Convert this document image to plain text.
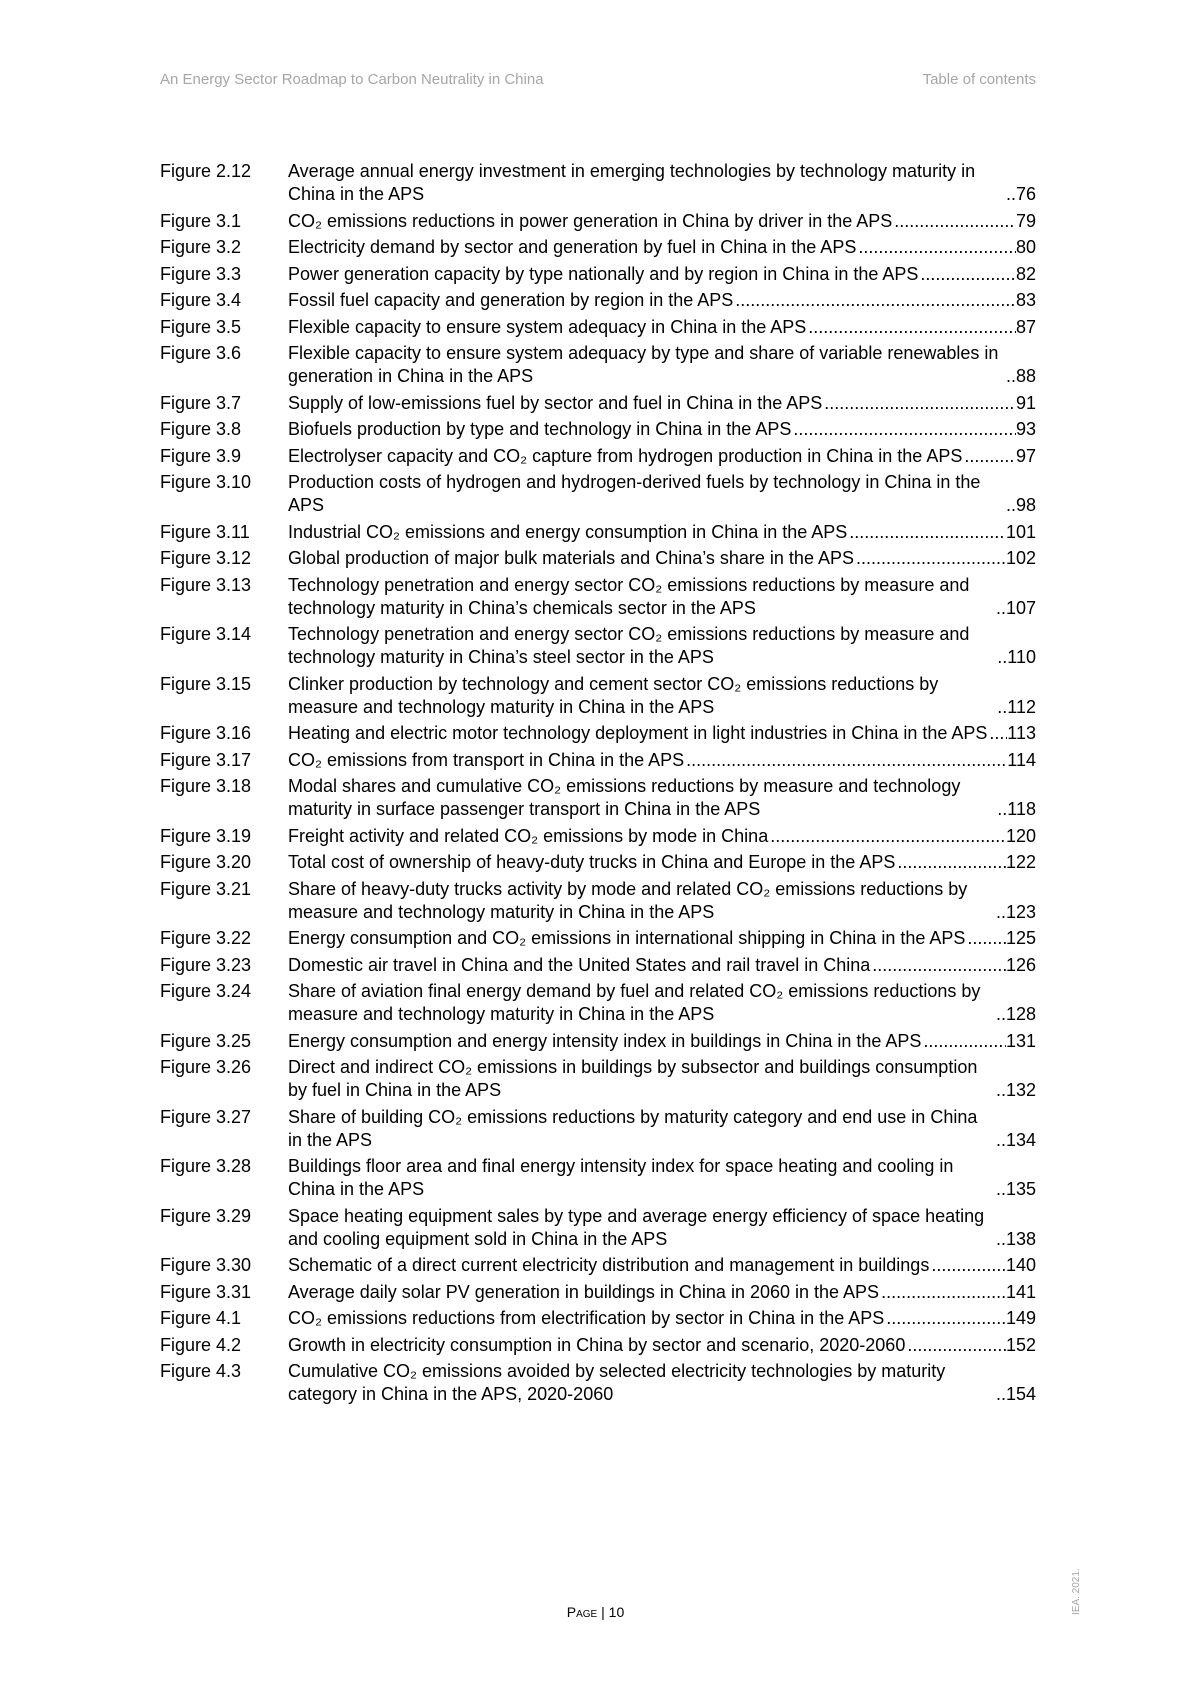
An Energy Sector Roadmap to Carbon Neutrality in China	Table of contents
Figure 2.12	Average annual energy investment in emerging technologies by technology maturity in China in the APS . . .	76
Figure 3.1	CO₂ emissions reductions in power generation in China by driver in the APS . . .	79
Figure 3.2	Electricity demand by sector and generation by fuel in China in the APS . . .	80
Figure 3.3	Power generation capacity by type nationally and by region in China in the APS . . .	82
Figure 3.4	Fossil fuel capacity and generation by region in the APS . . .	83
Figure 3.5	Flexible capacity to ensure system adequacy in China in the APS . . .	87
Figure 3.6	Flexible capacity to ensure system adequacy by type and share of variable renewables in generation in China in the APS . . .	88
Figure 3.7	Supply of low-emissions fuel by sector and fuel in China in the APS . . .	91
Figure 3.8	Biofuels production by type and technology in China in the APS . . .	93
Figure 3.9	Electrolyser capacity and CO₂ capture from hydrogen production in China in the APS . . .	97
Figure 3.10	Production costs of hydrogen and hydrogen-derived fuels by technology in China in the APS . . .	98
Figure 3.11	Industrial CO₂ emissions and energy consumption in China in the APS . . .	101
Figure 3.12	Global production of major bulk materials and China’s share in the APS . . .	102
Figure 3.13	Technology penetration and energy sector CO₂ emissions reductions by measure and technology maturity in China’s chemicals sector in the APS . . .	107
Figure 3.14	Technology penetration and energy sector CO₂ emissions reductions by measure and technology maturity in China’s steel sector in the APS . . .	110
Figure 3.15	Clinker production by technology and cement sector CO₂ emissions reductions by measure and technology maturity in China in the APS . . .	112
Figure 3.16	Heating and electric motor technology deployment in light industries in China in the APS . . . 113
Figure 3.17	CO₂ emissions from transport in China in the APS . . .	114
Figure 3.18	Modal shares and cumulative CO₂ emissions reductions by measure and technology maturity in surface passenger transport in China in the APS . . .	118
Figure 3.19	Freight activity and related CO₂ emissions by mode in China . . .	120
Figure 3.20	Total cost of ownership of heavy-duty trucks in China and Europe in the APS . . .	122
Figure 3.21	Share of heavy-duty trucks activity by mode and related CO₂ emissions reductions by measure and technology maturity in China in the APS . . .	123
Figure 3.22	Energy consumption and CO₂ emissions in international shipping in China in the APS . . . 125
Figure 3.23	Domestic air travel in China and the United States and rail travel in China . . .	126
Figure 3.24	Share of aviation final energy demand by fuel and related CO₂ emissions reductions by measure and technology maturity in China in the APS . . .	128
Figure 3.25	Energy consumption and energy intensity index in buildings in China in the APS . . .	131
Figure 3.26	Direct and indirect CO₂ emissions in buildings by subsector and buildings consumption by fuel in China in the APS . . .	132
Figure 3.27	Share of building CO₂ emissions reductions by maturity category and end use in China in the APS . . .	134
Figure 3.28	Buildings floor area and final energy intensity index for space heating and cooling in China in the APS . . .	135
Figure 3.29	Space heating equipment sales by type and average energy efficiency of space heating and cooling equipment sold in China in the APS . . .	138
Figure 3.30	Schematic of a direct current electricity distribution and management in buildings . . .	140
Figure 3.31	Average daily solar PV generation in buildings in China in 2060 in the APS . . .	141
Figure 4.1	CO₂ emissions reductions from electrification by sector in China in the APS . . .	149
Figure 4.2	Growth in electricity consumption in China by sector and scenario, 2020-2060 . . .	152
Figure 4.3	Cumulative CO₂ emissions avoided by selected electricity technologies by maturity category in China in the APS, 2020-2060 . . .	154
Page | 10	IEA. 2021.
